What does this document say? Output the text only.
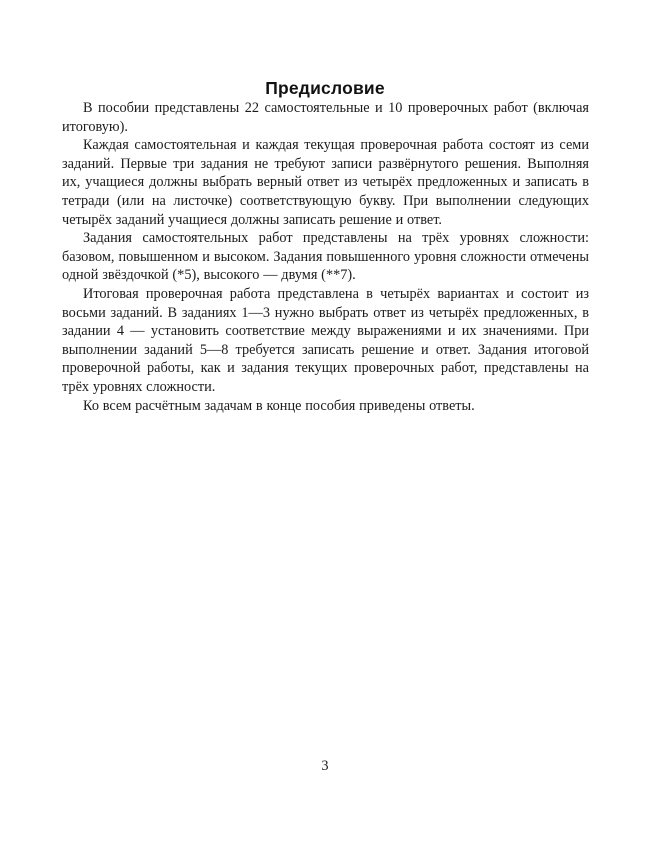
Предисловие

В пособии представлены 22 самостоятельные и 10 проверочных работ (включая итоговую).

Каждая самостоятельная и каждая текущая проверочная работа состоят из семи заданий. Первые три задания не требуют записи развёрнутого решения. Выполняя их, учащиеся должны выбрать верный ответ из четырёх предложенных и записать в тетради (или на листочке) соответствующую букву. При выполнении следующих четырёх заданий учащиеся должны записать решение и ответ.

Задания самостоятельных работ представлены на трёх уровнях сложности: базовом, повышенном и высоком. Задания повышенного уровня сложности отмечены одной звёздочкой (*5), высокого — двумя (**7).

Итоговая проверочная работа представлена в четырёх вариантах и состоит из восьми заданий. В заданиях 1—3 нужно выбрать ответ из четырёх предложенных, в задании 4 — установить соответствие между выражениями и их значениями. При выполнении заданий 5—8 требуется записать решение и ответ. Задания итоговой проверочной работы, как и задания текущих проверочных работ, представлены на трёх уровнях сложности.

Ко всем расчётным задачам в конце пособия приведены ответы.

3
